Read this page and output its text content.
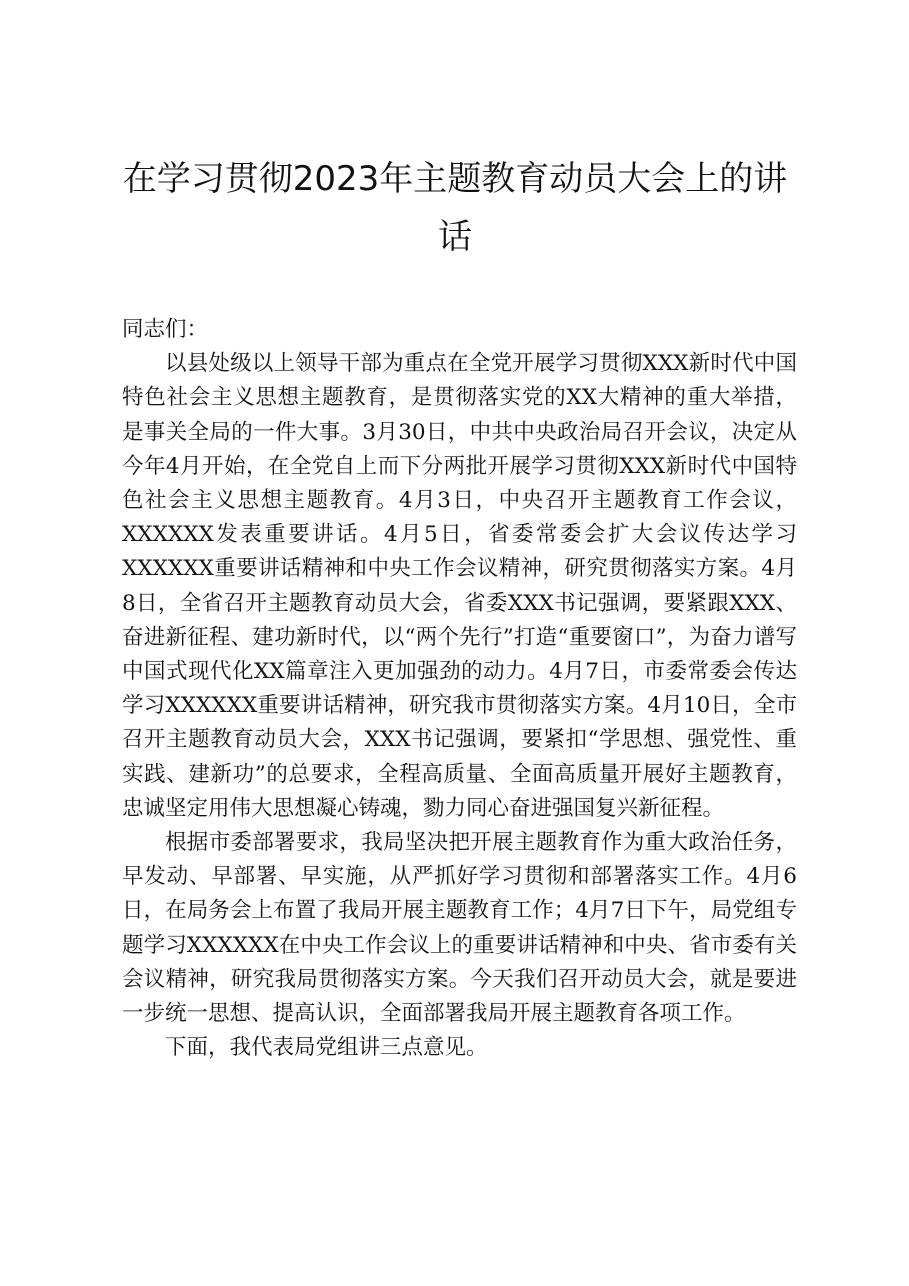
在学习贯彻2023年主题教育动员大会上的讲话

同志们：

以县处级以上领导干部为重点在全党开展学习贯彻XXX新时代中国特色社会主义思想主题教育，是贯彻落实党的XX大精神的重大举措，是事关全局的一件大事。3月30日，中共中央政治局召开会议，决定从今年4月开始，在全党自上而下分两批开展学习贯彻XXX新时代中国特色社会主义思想主题教育。4月3日，中央召开主题教育工作会议，XXXXXX发表重要讲话。4月5日，省委常委会扩大会议传达学习XXXXXX重要讲话精神和中央工作会议精神，研究贯彻落实方案。4月8日，全省召开主题教育动员大会，省委XXX书记强调，要紧跟XXX、奋进新征程、建功新时代，以“两个先行”打造“重要窗口”，为奋力谱写中国式现代化XX篇章注入更加强劲的动力。4月7日，市委常委会传达学习XXXXXX重要讲话精神，研究我市贯彻落实方案。4月10日，全市召开主题教育动员大会，XXX书记强调，要紧扣“学思想、强党性、重实践、建新功”的总要求，全程高质量、全面高质量开展好主题教育，忠诚坚定用伟大思想凝心铸魂，勠力同心奋进强国复兴新征程。

根据市委部署要求，我局坚决把开展主题教育作为重大政治任务，早发动、早部署、早实施，从严抓好学习贯彻和部署落实工作。4月6日，在局务会上布置了我局开展主题教育工作；4月7日下午，局党组专题学习XXXXXX在中央工作会议上的重要讲话精神和中央、省市委有关会议精神，研究我局贯彻落实方案。今天我们召开动员大会，就是要进一步统一思想、提高认识，全面部署我局开展主题教育各项工作。

下面，我代表局党组讲三点意见。
